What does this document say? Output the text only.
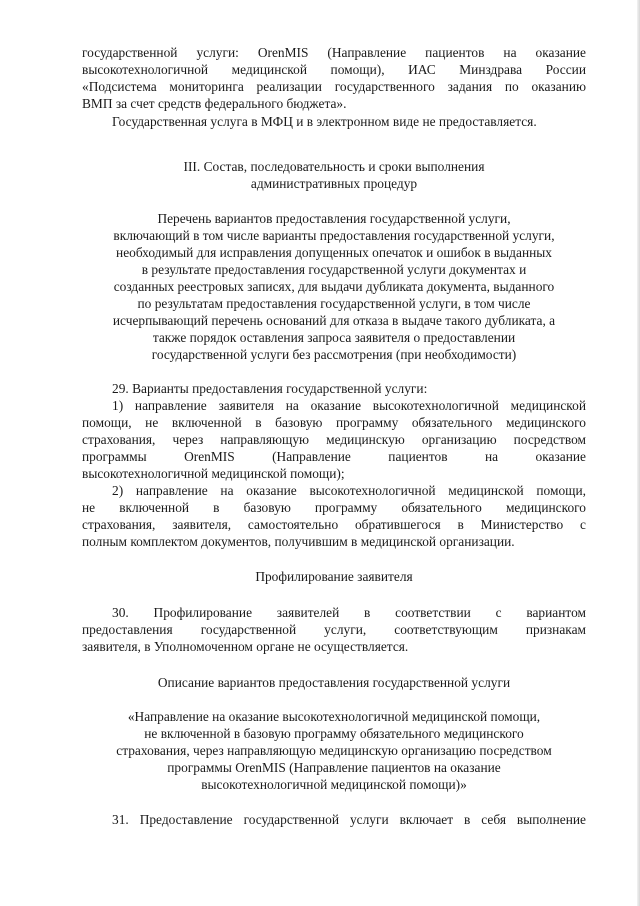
государственной услуги: OrenMIS (Направление пациентов на оказание
высокотехнологичной медицинской помощи), ИАС Минздрава России
«Подсистема мониторинга реализации государственного задания по оказанию
ВМП за счет средств федерального бюджета».
Государственная услуга в МФЦ и в электронном виде не предоставляется.
III. Состав, последовательность и сроки выполнения
административных процедур
Перечень вариантов предоставления государственной услуги,
включающий в том числе варианты предоставления государственной услуги,
необходимый для исправления допущенных опечаток и ошибок в выданных
в результате предоставления государственной услуги документах и
созданных реестровых записях, для выдачи дубликата документа, выданного
по результатам предоставления государственной услуги, в том числе
исчерпывающий перечень оснований для отказа в выдаче такого дубликата, а
также порядок оставления запроса заявителя о предоставлении
государственной услуги без рассмотрения (при необходимости)
29. Варианты предоставления государственной услуги:
1) направление заявителя на оказание высокотехнологичной медицинской
помощи, не включенной в базовую программу обязательного медицинского
страхования, через направляющую медицинскую организацию посредством
программы OrenMIS (Направление пациентов на оказание
высокотехнологичной медицинской помощи);
2) направление на оказание высокотехнологичной медицинской помощи,
не включенной в базовую программу обязательного медицинского
страхования, заявителя, самостоятельно обратившегося в Министерство с
полным комплектом документов, получившим в медицинской организации.
Профилирование заявителя
30. Профилирование заявителей в соответствии с вариантом
предоставления государственной услуги, соответствующим признакам
заявителя, в Уполномоченном органе не осуществляется.
Описание вариантов предоставления государственной услуги
«Направление на оказание высокотехнологичной медицинской помощи,
не включенной в базовую программу обязательного медицинского
страхования, через направляющую медицинскую организацию посредством
программы OrenMIS (Направление пациентов на оказание
высокотехнологичной медицинской помощи)»
31. Предоставление государственной услуги включает в себя выполнение
